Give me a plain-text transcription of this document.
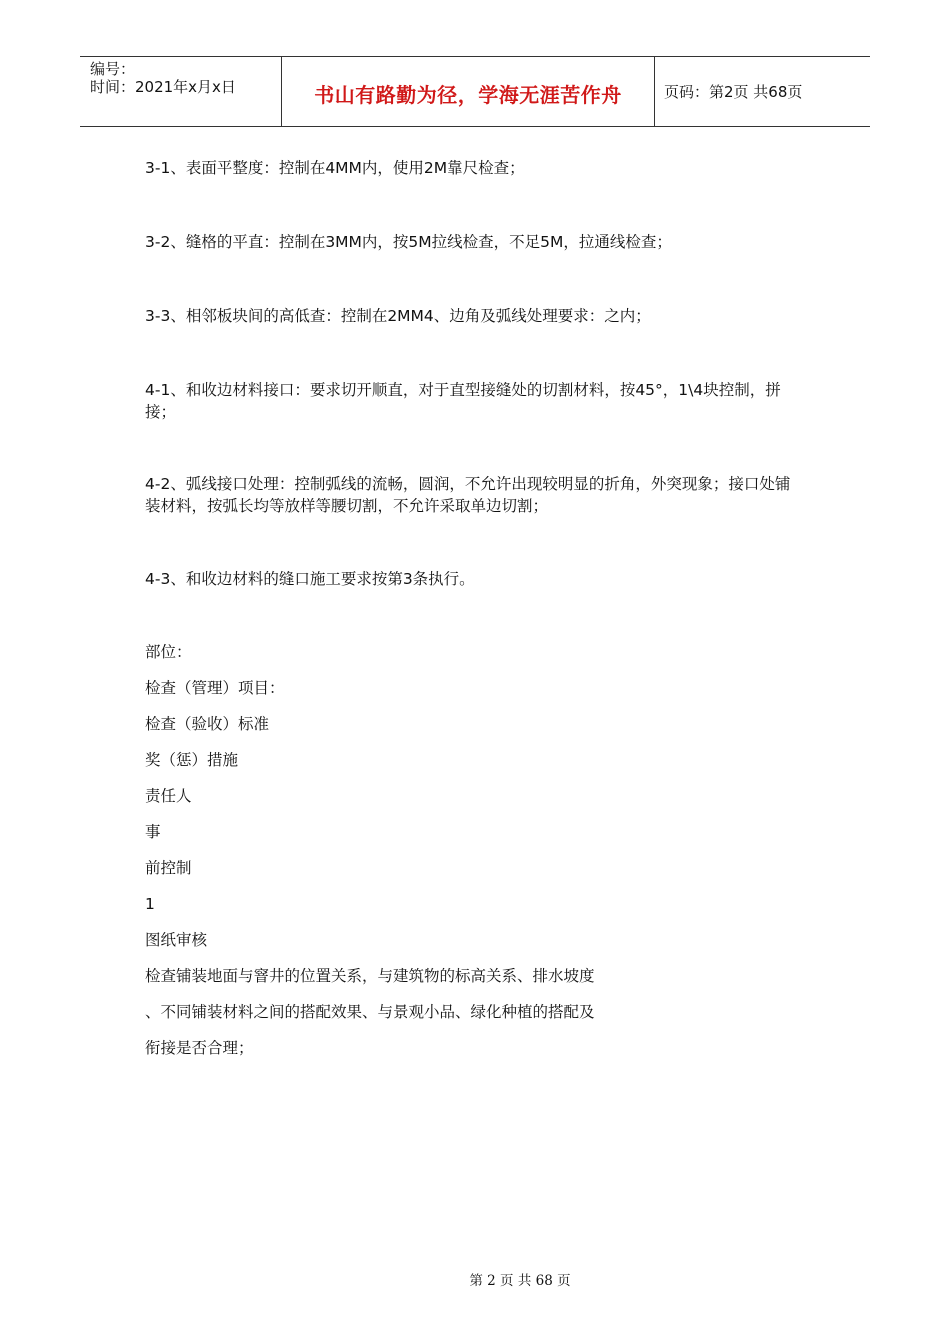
编号：
时间：2021年x月x日	书山有路勤为径，学海无涯苦作舟	页码：第2页 共68页
3-1、表面平整度：控制在4MM内，使用2M靠尺检查；
3-2、缝格的平直：控制在3MM内，按5M拉线检查，不足5M，拉通线检查；
3-3、相邻板块间的高低查：控制在2MM4、边角及弧线处理要求：之内；
4-1、和收边材料接口：要求切开顺直，对于直型接缝处的切割材料，按45°，1\4块控制，拼接；
4-2、弧线接口处理：控制弧线的流畅，圆润，不允许出现较明显的折角，外突现象；接口处铺装材料，按弧长均等放样等腰切割，不允许采取单边切割；
4-3、和收边材料的缝口施工要求按第3条执行。
部位：
检查（管理）项目：
检查（验收）标准
奖（惩）措施
责任人
事
前控制
1
图纸审核
检查铺装地面与窨井的位置关系，与建筑物的标高关系、排水坡度
、不同铺装材料之间的搭配效果、与景观小品、绿化种植的搭配及
衔接是否合理；
第 2 页 共 68 页
